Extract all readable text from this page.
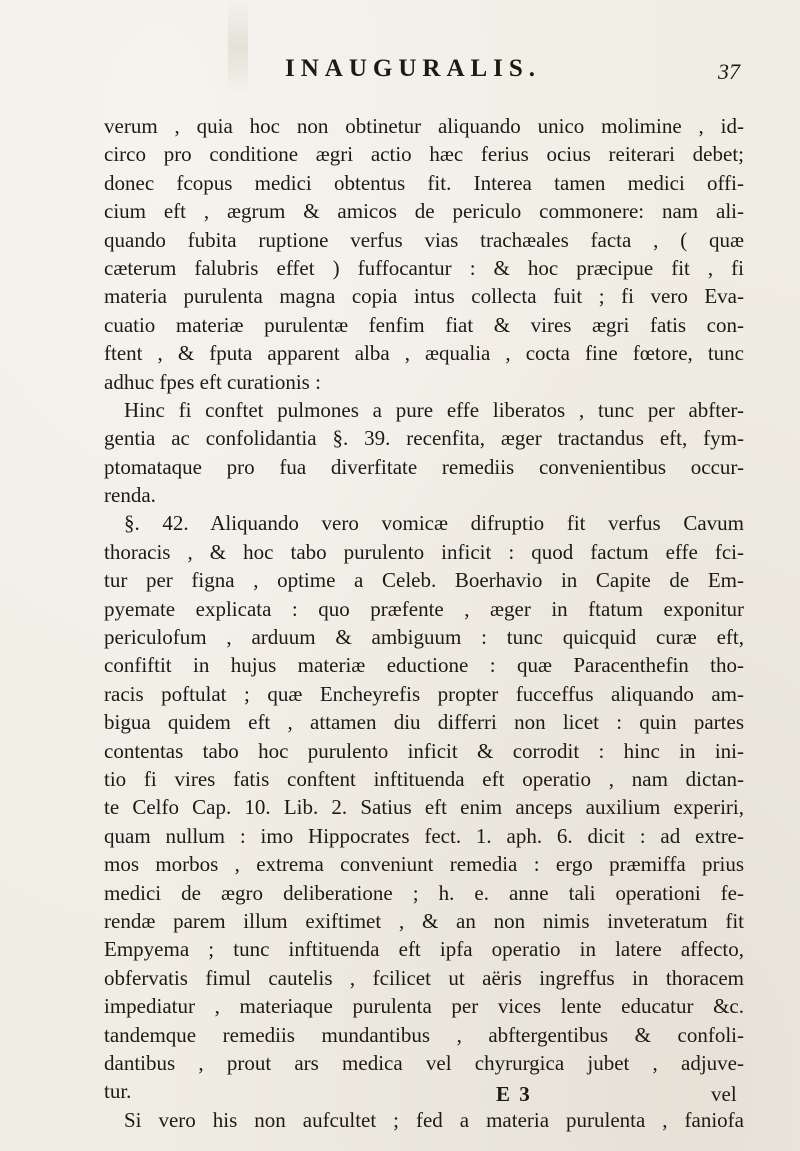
INAUGURALIS.	37
verum , quia hoc non obtinetur aliquando unico molimine , id-
circo pro conditione ægri actio hæc ferius ocius reiterari debet;
donec fcopus medici obtentus fit. Interea tamen medici offi-
cium eft , ægrum & amicos de periculo commonere: nam ali-
quando fubita ruptione verfus vias trachæales facta , ( quæ
cæterum falubris effet ) fuffocantur : & hoc præcipue fit , fi
materia purulenta magna copia intus collecta fuit ; fi vero Eva-
cuatio materiæ purulentæ fenfim fiat & vires ægri fatis con-
ftent , & fputa apparent alba , æqualia , cocta fine fœtore, tunc
adhuc fpes eft curationis :
Hinc fi conftet pulmones a pure effe liberatos , tunc per abfter-
gentia ac confolidantia §. 39. recenfita, æger tractandus eft, fym-
ptomataque pro fua diverfitate remediis convenientibus occur-
renda.
§. 42. Aliquando vero vomicæ difruptio fit verfus Cavum
thoracis , & hoc tabo purulento inficit : quod factum effe fci-
tur per figna , optime a Celeb. Boerhavio in Capite de Em-
pyemate explicata : quo præfente , æger in ftatum exponitur
periculofum , arduum & ambiguum : tunc quicquid curæ eft,
confiftit in hujus materiæ eductione : quæ Paracenthefin tho-
racis poftulat ; quæ Encheyrefis propter fucceffus aliquando am-
bigua quidem eft , attamen diu differri non licet : quin partes
contentas tabo hoc purulento inficit & corrodit : hinc in ini-
tio fi vires fatis conftent inftituenda eft operatio , nam dictan-
te Celfo Cap. 10. Lib. 2. Satius eft enim anceps auxilium experiri,
quam nullum : imo Hippocrates fect. 1. aph. 6. dicit : ad extre-
mos morbos , extrema conveniunt remedia : ergo præmiffa prius
medici de ægro deliberatione ; h. e. anne tali operationi fe-
rendæ parem illum exiftimet , & an non nimis inveteratum fit
Empyema ; tunc inftituenda eft ipfa operatio in latere affecto,
obfervatis fimul cautelis , fcilicet ut aëris ingreffus in thoracem
impediatur , materiaque purulenta per vices lente educatur &c.
tandemque remediis mundantibus , abftergentibus & confoli-
dantibus , prout ars medica vel chyrurgica jubet , adjuve-
tur.
Si vero his non aufcultet ; fed a materia purulenta , faniofa
E 3	vel
